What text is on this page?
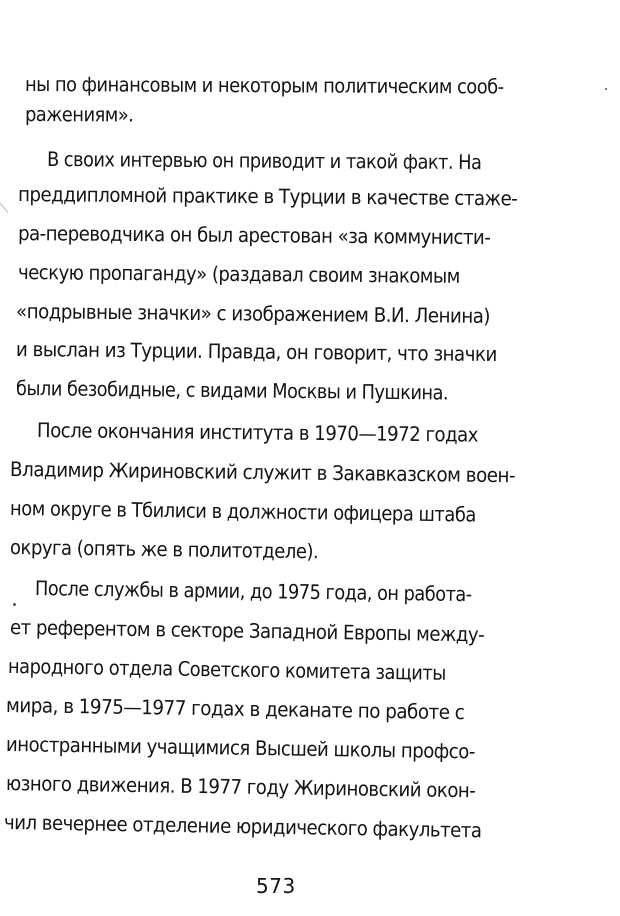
ны по финансовым и некоторым политическим сооб-
ражениям».
В своих интервью он приводит и такой факт. На
преддипломной практике в Турции в качестве стаже-
ра-переводчика он был арестован «за коммунисти-
ческую пропаганду» (раздавал своим знакомым
«подрывные значки» с изображением В.И. Ленина)
и выслан из Турции. Правда, он говорит, что значки
были безобидные, с видами Москвы и Пушкина.
После окончания института в 1970—1972 годах
Владимир Жириновский служит в Закавказском воен-
ном округе в Тбилиси в должности офицера штаба
округа (опять же в политотделе).
После службы в армии, до 1975 года, он работа-
ет референтом в секторе Западной Европы между-
народного отдела Советского комитета защиты
мира, в 1975—1977 годах в деканате по работе с
иностранными учащимися Высшей школы профсо-
юзного движения. В 1977 году Жириновский окон-
чил вечернее отделение юридического факультета
573
